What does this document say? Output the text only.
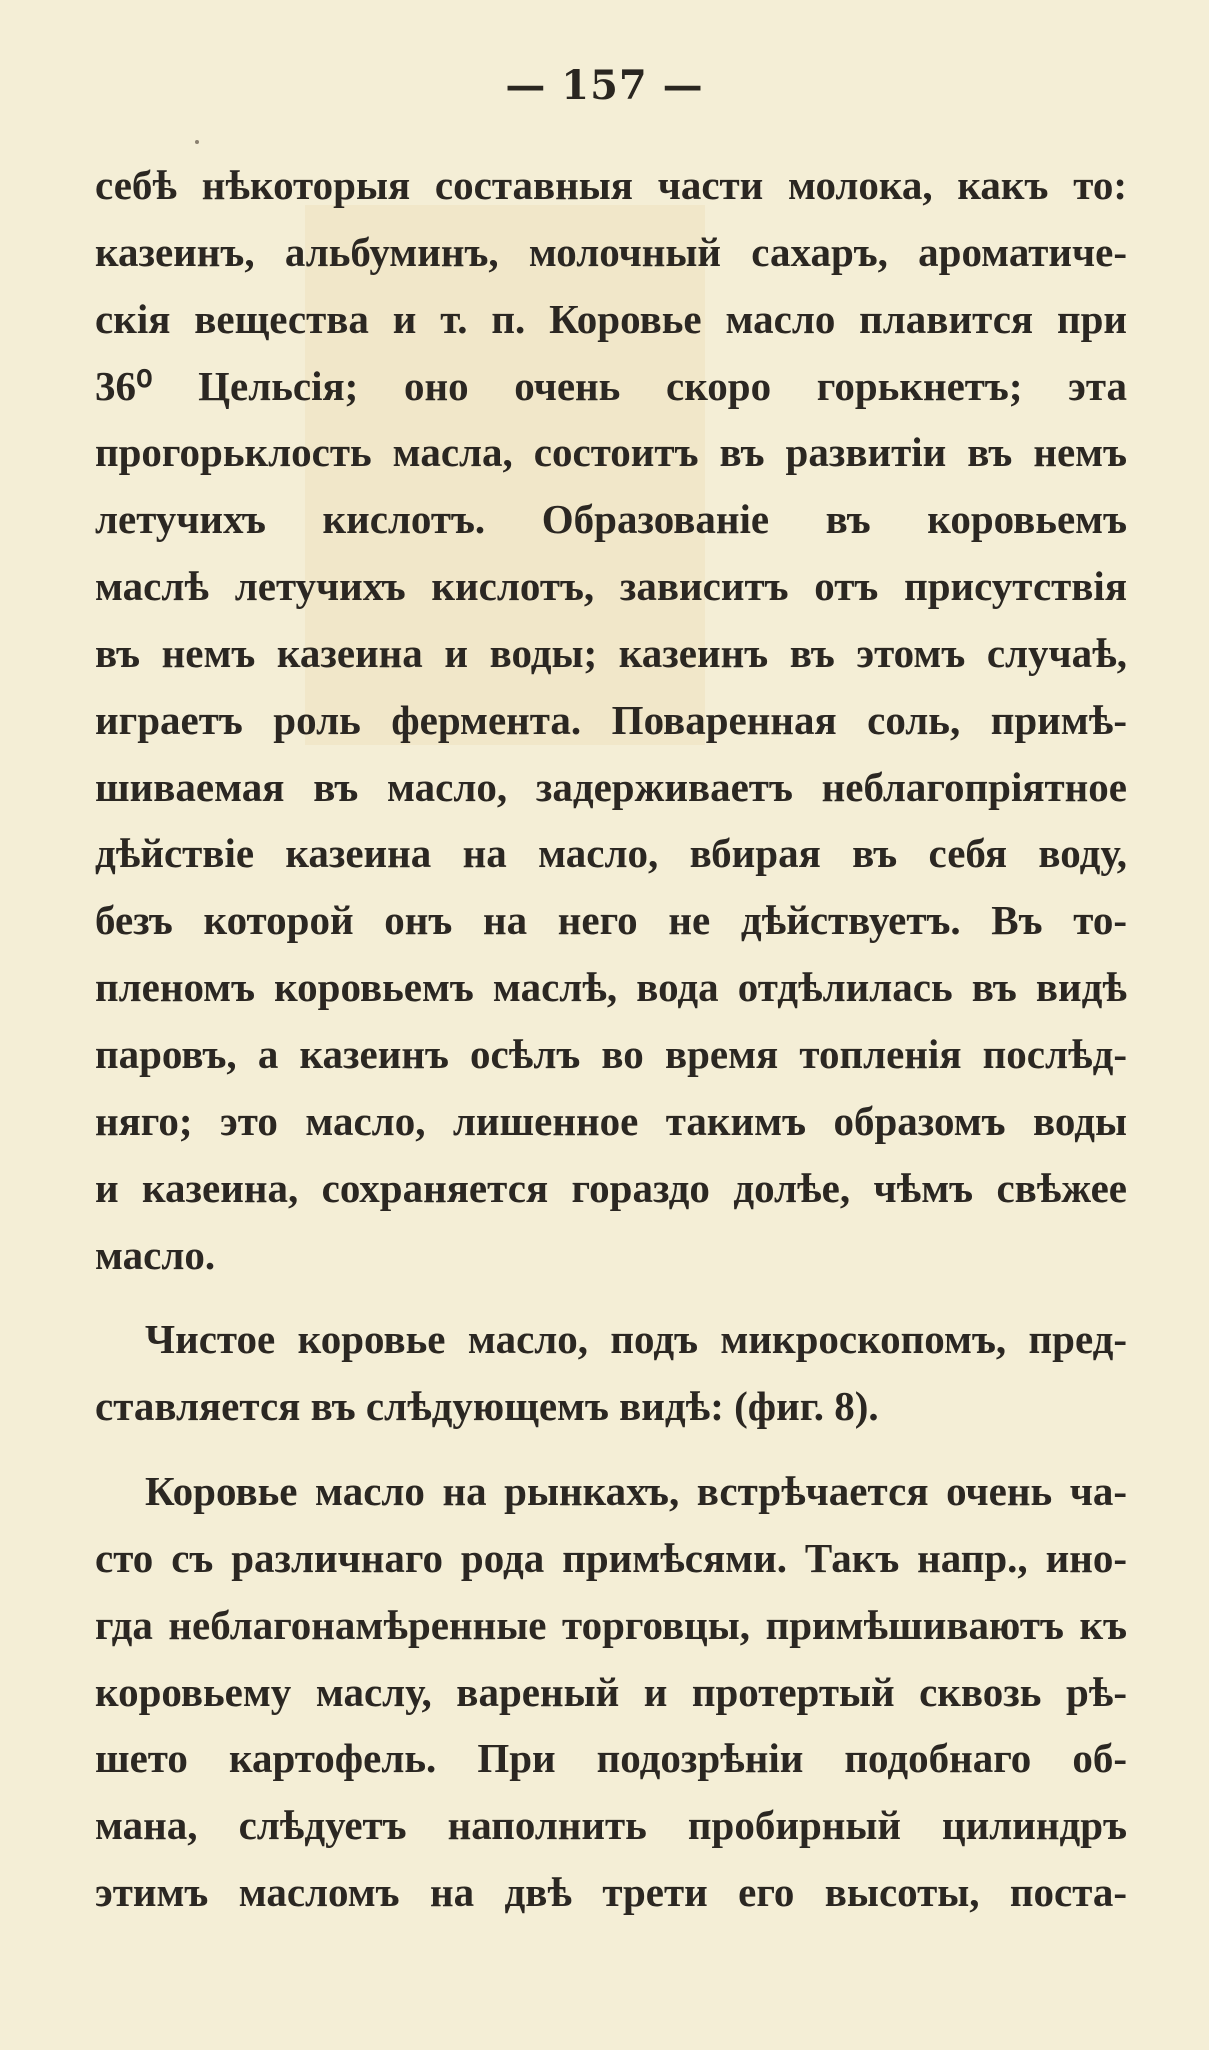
— 157 —
себѣ нѣкоторыя составныя части молока, какъ то:
казеинъ, альбуминъ, молочный сахаръ, ароматиче-
скія вещества и т. п. Коровье масло плавится при
36⁰ Цельсія; оно очень скоро горькнетъ; эта
прогорьклость масла, состоитъ въ развитіи въ немъ
летучихъ кислотъ. Образованіе въ коровьемъ
маслѣ летучихъ кислотъ, зависитъ отъ присутствія
въ немъ казеина и воды; казеинъ въ этомъ случаѣ,
играетъ роль фермента. Поваренная соль, примѣ-
шиваемая въ масло, задерживаетъ неблагопріятное
дѣйствіе казеина на масло, вбирая въ себя воду,
безъ которой онъ на него не дѣйствуетъ. Въ то-
пленомъ коровьемъ маслѣ, вода отдѣлилась въ видѣ
паровъ, а казеинъ осѣлъ во время топленія послѣд-
няго; это масло, лишенное такимъ образомъ воды
и казеина, сохраняется гораздо долѣе, чѣмъ свѣжее
масло.
Чистое коровье масло, подъ микроскопомъ, пред-
ставляется въ слѣдующемъ видѣ: (фиг. 8).
Коровье масло на рынкахъ, встрѣчается очень ча-
сто съ различнаго рода примѣсями. Такъ напр., ино-
гда неблагонамѣренные торговцы, примѣшиваютъ къ
коровьему маслу, вареный и протертый сквозь рѣ-
шето картофель. При подозрѣніи подобнаго об-
мана, слѣдуетъ наполнить пробирный цилиндръ
этимъ масломъ на двѣ трети его высоты, поста-
